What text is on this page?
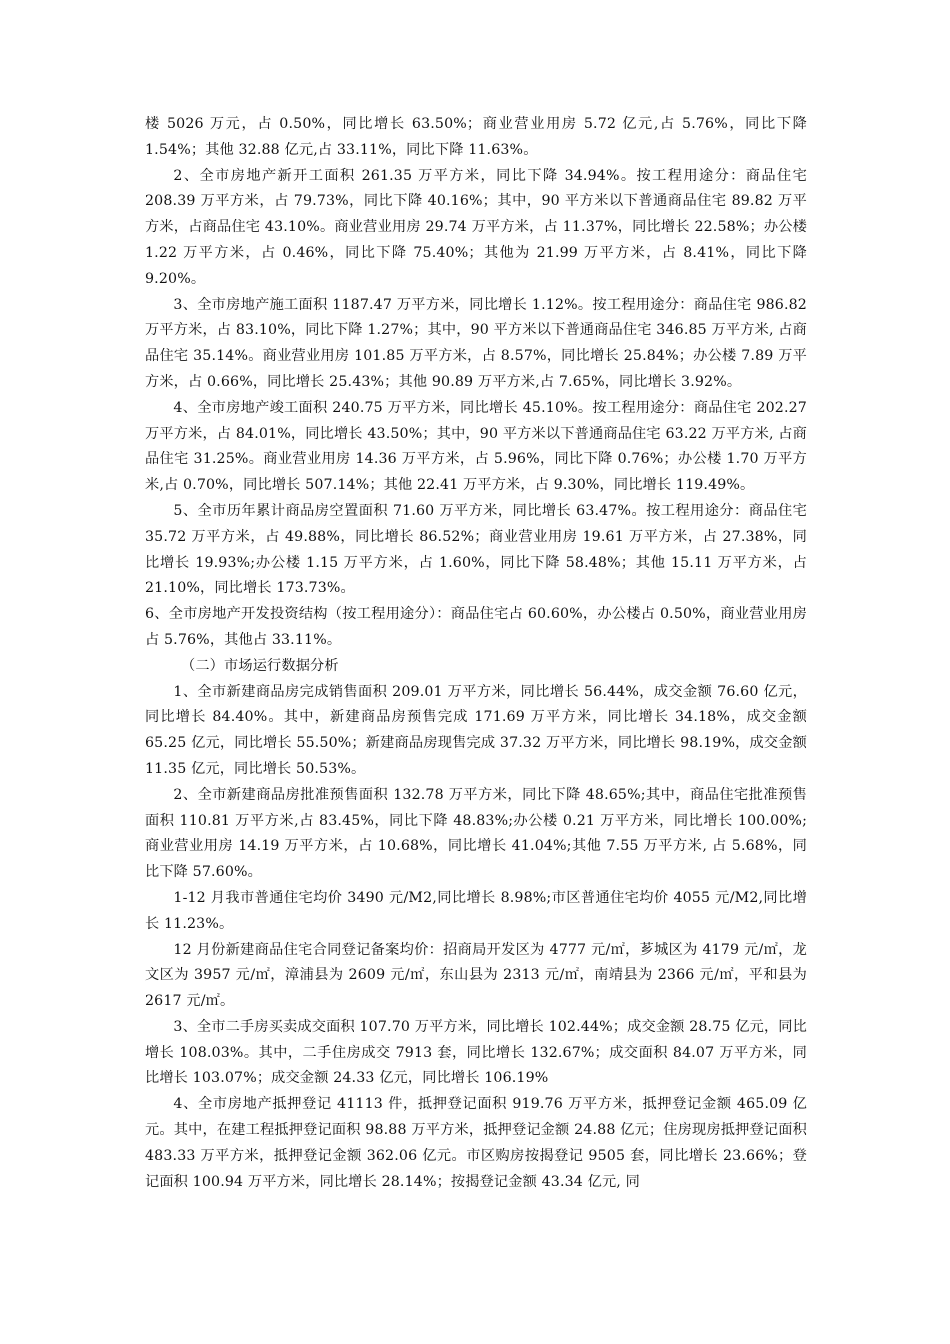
楼 5026 万元，占 0.50%，同比增长 63.50%；商业营业用房 5.72 亿元,占 5.76%，同比下降 1.54%；其他 32.88 亿元,占 33.11%，同比下降 11.63%。

2、全市房地产新开工面积 261.35 万平方米，同比下降 34.94%。按工程用途分：商品住宅 208.39 万平方米，占 79.73%，同比下降 40.16%；其中，90 平方米以下普通商品住宅 89.82 万平方米，占商品住宅 43.10%。商业营业用房 29.74 万平方米，占 11.37%，同比增长 22.58%；办公楼 1.22 万平方米，占 0.46%，同比下降 75.40%；其他为 21.99 万平方米，占 8.41%，同比下降 9.20%。

3、全市房地产施工面积 1187.47 万平方米，同比增长 1.12%。按工程用途分：商品住宅 986.82 万平方米，占 83.10%，同比下降 1.27%；其中，90 平方米以下普通商品住宅 346.85 万平方米, 占商品住宅 35.14%。商业营业用房 101.85 万平方米，占 8.57%，同比增长 25.84%；办公楼 7.89 万平方米，占 0.66%，同比增长 25.43%；其他 90.89 万平方米,占 7.65%，同比增长 3.92%。

4、全市房地产竣工面积 240.75 万平方米，同比增长 45.10%。按工程用途分：商品住宅 202.27 万平方米，占 84.01%，同比增长 43.50%；其中，90 平方米以下普通商品住宅 63.22 万平方米, 占商品住宅 31.25%。商业营业用房 14.36 万平方米，占 5.96%，同比下降 0.76%；办公楼 1.70 万平方米,占 0.70%，同比增长 507.14%；其他 22.41 万平方米，占 9.30%，同比增长 119.49%。

5、全市历年累计商品房空置面积 71.60 万平方米，同比增长 63.47%。按工程用途分：商品住宅 35.72 万平方米，占 49.88%，同比增长 86.52%；商业营业用房 19.61 万平方米，占 27.38%，同比增长 19.93%;办公楼 1.15 万平方米，占 1.60%，同比下降 58.48%；其他 15.11 万平方米，占 21.10%，同比增长 173.73%。

6、全市房地产开发投资结构（按工程用途分）：商品住宅占 60.60%，办公楼占 0.50%，商业营业用房占 5.76%，其他占 33.11%。

（二）市场运行数据分析

1、全市新建商品房完成销售面积 209.01 万平方米，同比增长 56.44%，成交金额 76.60 亿元，同比增长 84.40%。其中，新建商品房预售完成 171.69 万平方米，同比增长 34.18%，成交金额 65.25 亿元，同比增长 55.50%；新建商品房现售完成 37.32 万平方米，同比增长 98.19%，成交金额 11.35 亿元，同比增长 50.53%。

2、全市新建商品房批准预售面积 132.78 万平方米，同比下降 48.65%;其中，商品住宅批准预售面积 110.81 万平方米,占 83.45%，同比下降 48.83%;办公楼 0.21 万平方米，同比增长 100.00%;商业营业用房 14.19 万平方米，占 10.68%，同比增长 41.04%;其他 7.55 万平方米, 占 5.68%，同比下降 57.60%。

1-12 月我市普通住宅均价 3490 元/M2,同比增长 8.98%;市区普通住宅均价 4055 元/M2,同比增长 11.23%。

12 月份新建商品住宅合同登记备案均价：招商局开发区为 4777 元/㎡，芗城区为 4179 元/㎡，龙文区为 3957 元/㎡，漳浦县为 2609 元/㎡，东山县为 2313 元/㎡，南靖县为 2366 元/㎡，平和县为 2617 元/㎡。

3、全市二手房买卖成交面积 107.70 万平方米，同比增长 102.44%；成交金额 28.75 亿元，同比增长 108.03%。其中，二手住房成交 7913 套，同比增长 132.67%；成交面积 84.07 万平方米，同比增长 103.07%；成交金额 24.33 亿元，同比增长 106.19%

4、全市房地产抵押登记 41113 件，抵押登记面积 919.76 万平方米，抵押登记金额 465.09 亿元。其中，在建工程抵押登记面积 98.88 万平方米，抵押登记金额 24.88 亿元；住房现房抵押登记面积 483.33 万平方米，抵押登记金额 362.06 亿元。市区购房按揭登记 9505 套，同比增长 23.66%；登记面积 100.94 万平方米，同比增长 28.14%；按揭登记金额 43.34 亿元, 同
